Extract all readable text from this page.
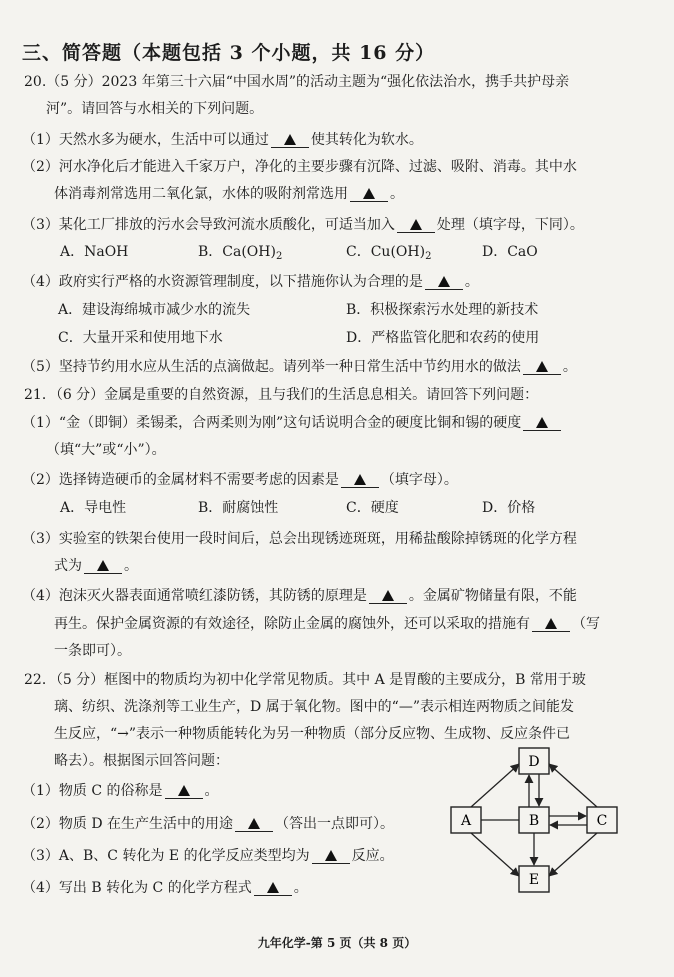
三、简答题（本题包括 3 个小题，共 16 分）
20.（5 分）2023 年第三十六届“中国水周”的活动主题为“强化依法治水，携手共护母亲
河”。请回答与水相关的下列问题。
（1）天然水多为硬水，生活中可以通过	使其转化为软水。
（2）河水净化后才能进入千家万户，净化的主要步骤有沉降、过滤、吸附、消毒。其中水
体消毒剂常选用二氧化氯，水体的吸附剂常选用	。
（3）某化工厂排放的污水会导致河流水质酸化，可适当加入	处理（填字母，下同）。
A．NaOH	B．$Ca(OH)_2$	C．$Cu(OH)_2$	D．CaO
（4）政府实行严格的水资源管理制度，以下措施你认为合理的是	。
A．建设海绵城市减少水的流失	B．积极探索污水处理的新技术
C．大量开采和使用地下水	D．严格监管化肥和农药的使用
（5）坚持节约用水应从生活的点滴做起。请列举一种日常生活中节约用水的做法	。
21．（6 分）金属是重要的自然资源，且与我们的生活息息相关。请回答下列问题：
（1）“金（即铜）柔锡柔，合两柔则为刚”这句话说明合金的硬度比铜和锡的硬度
（填“大”或“小”）。
（2）选择铸造硬币的金属材料不需要考虑的因素是	（填字母）。
A．导电性	B．耐腐蚀性	C．硬度	D．价格
（3）实验室的铁架台使用一段时间后，总会出现锈迹斑斑，用稀盐酸除掉锈斑的化学方程
式为	。
（4）泡沫灭火器表面通常喷红漆防锈，其防锈的原理是	。金属矿物储量有限，不能
再生。保护金属资源的有效途径，除防止金属的腐蚀外，还可以采取的措施有	（写
一条即可）。
22．（5 分）框图中的物质均为初中化学常见物质。其中 A 是胃酸的主要成分，B 常用于玻
璃、纺织、洗涤剂等工业生产，D 属于氧化物。图中的“—”表示相连两物质之间能发
生反应，“→”表示一种物质能转化为另一种物质（部分反应物、生成物、反应条件已
略去）。根据图示回答问题：
（1）物质 C 的俗称是	。
（2）物质 D 在生产生活中的用途	（答出一点即可）。
（3）A、B、C 转化为 E 的化学反应类型均为	反应。
（4）写出 B 转化为 C 的化学方程式	。
D
A	B	C
E
九年化学-第 5 页（共 8 页）
